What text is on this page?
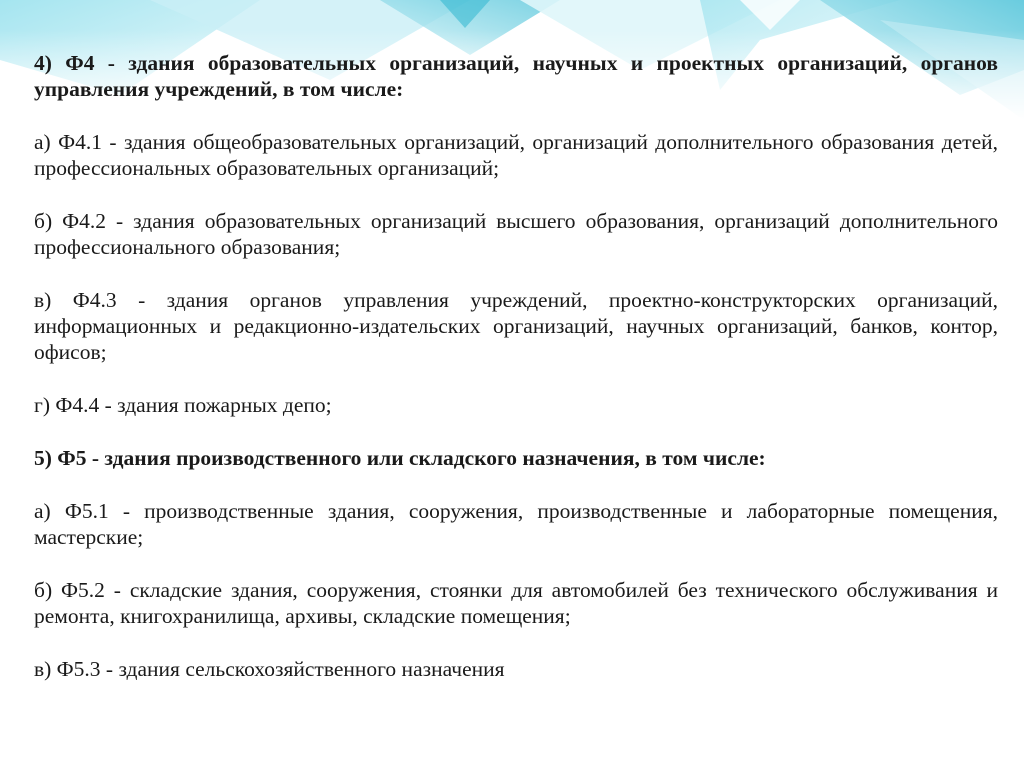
4) Ф4 - здания образовательных организаций, научных и проектных организаций, органов управления учреждений, в том числе:

а) Ф4.1 - здания общеобразовательных организаций, организаций дополнительного образования детей, профессиональных образовательных организаций;

б) Ф4.2 - здания образовательных организаций высшего образования, организаций дополнительного профессионального образования;

в) Ф4.3 - здания органов управления учреждений, проектно-конструкторских организаций, информационных и редакционно-издательских организаций, научных организаций, банков, контор, офисов;

г) Ф4.4 - здания пожарных депо;

5) Ф5 - здания производственного или складского назначения, в том числе:

а) Ф5.1 - производственные здания, сооружения, производственные и лабораторные помещения, мастерские;

б) Ф5.2 - складские здания, сооружения, стоянки для автомобилей без технического обслуживания и ремонта, книгохранилища, архивы, складские помещения;

в) Ф5.3 - здания сельскохозяйственного назначения
